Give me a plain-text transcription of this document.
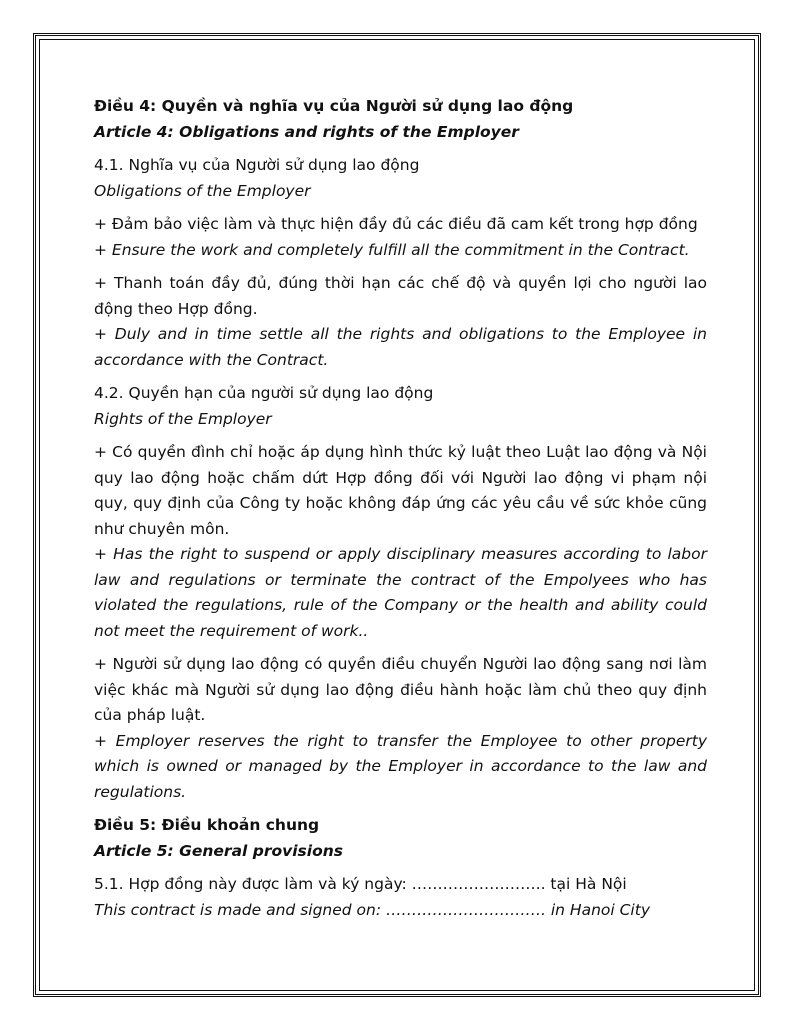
Điều 4: Quyền và nghĩa vụ của Người sử dụng lao động

Article 4: Obligations and rights of the Employer

4.1. Nghĩa vụ của Người sử dụng lao động

Obligations of the Employer

+ Đảm bảo việc làm và thực hiện đầy đủ các điều đã cam kết trong hợp đồng

+ Ensure the work and completely fulfill all the commitment in the Contract.

+ Thanh toán đầy đủ, đúng thời hạn các chế độ và quyền lợi cho người lao động theo Hợp đồng.

+ Duly and in time settle all the rights and obligations to the Employee in accordance with the Contract.

4.2. Quyền hạn của người sử dụng lao động

Rights of the Employer

+ Có quyền đình chỉ hoặc áp dụng hình thức kỷ luật theo Luật lao động và Nội quy lao động hoặc chấm dứt Hợp đồng đối với Người lao động vi phạm nội quy, quy định của Công ty hoặc không đáp ứng các yêu cầu về sức khỏe cũng như chuyên môn.

+ Has the right to suspend or apply disciplinary measures according to labor law and regulations or terminate the contract of the Empolyees who has violated the regulations, rule of the Company or the health and ability could not meet the requirement of work..

+ Người sử dụng lao động có quyền điều chuyển Người lao động sang nơi làm việc khác mà Người sử dụng lao động điều hành hoặc làm chủ theo quy định của pháp luật.

+ Employer reserves the right to transfer the Employee to other property which is owned or managed by the Employer in accordance to the law and regulations.

Điều 5: Điều khoản chung

Article 5: General provisions

5.1. Hợp đồng này được làm và ký ngày: …………………….. tại Hà Nội

This contract is made and signed on: …………………………. in Hanoi City
